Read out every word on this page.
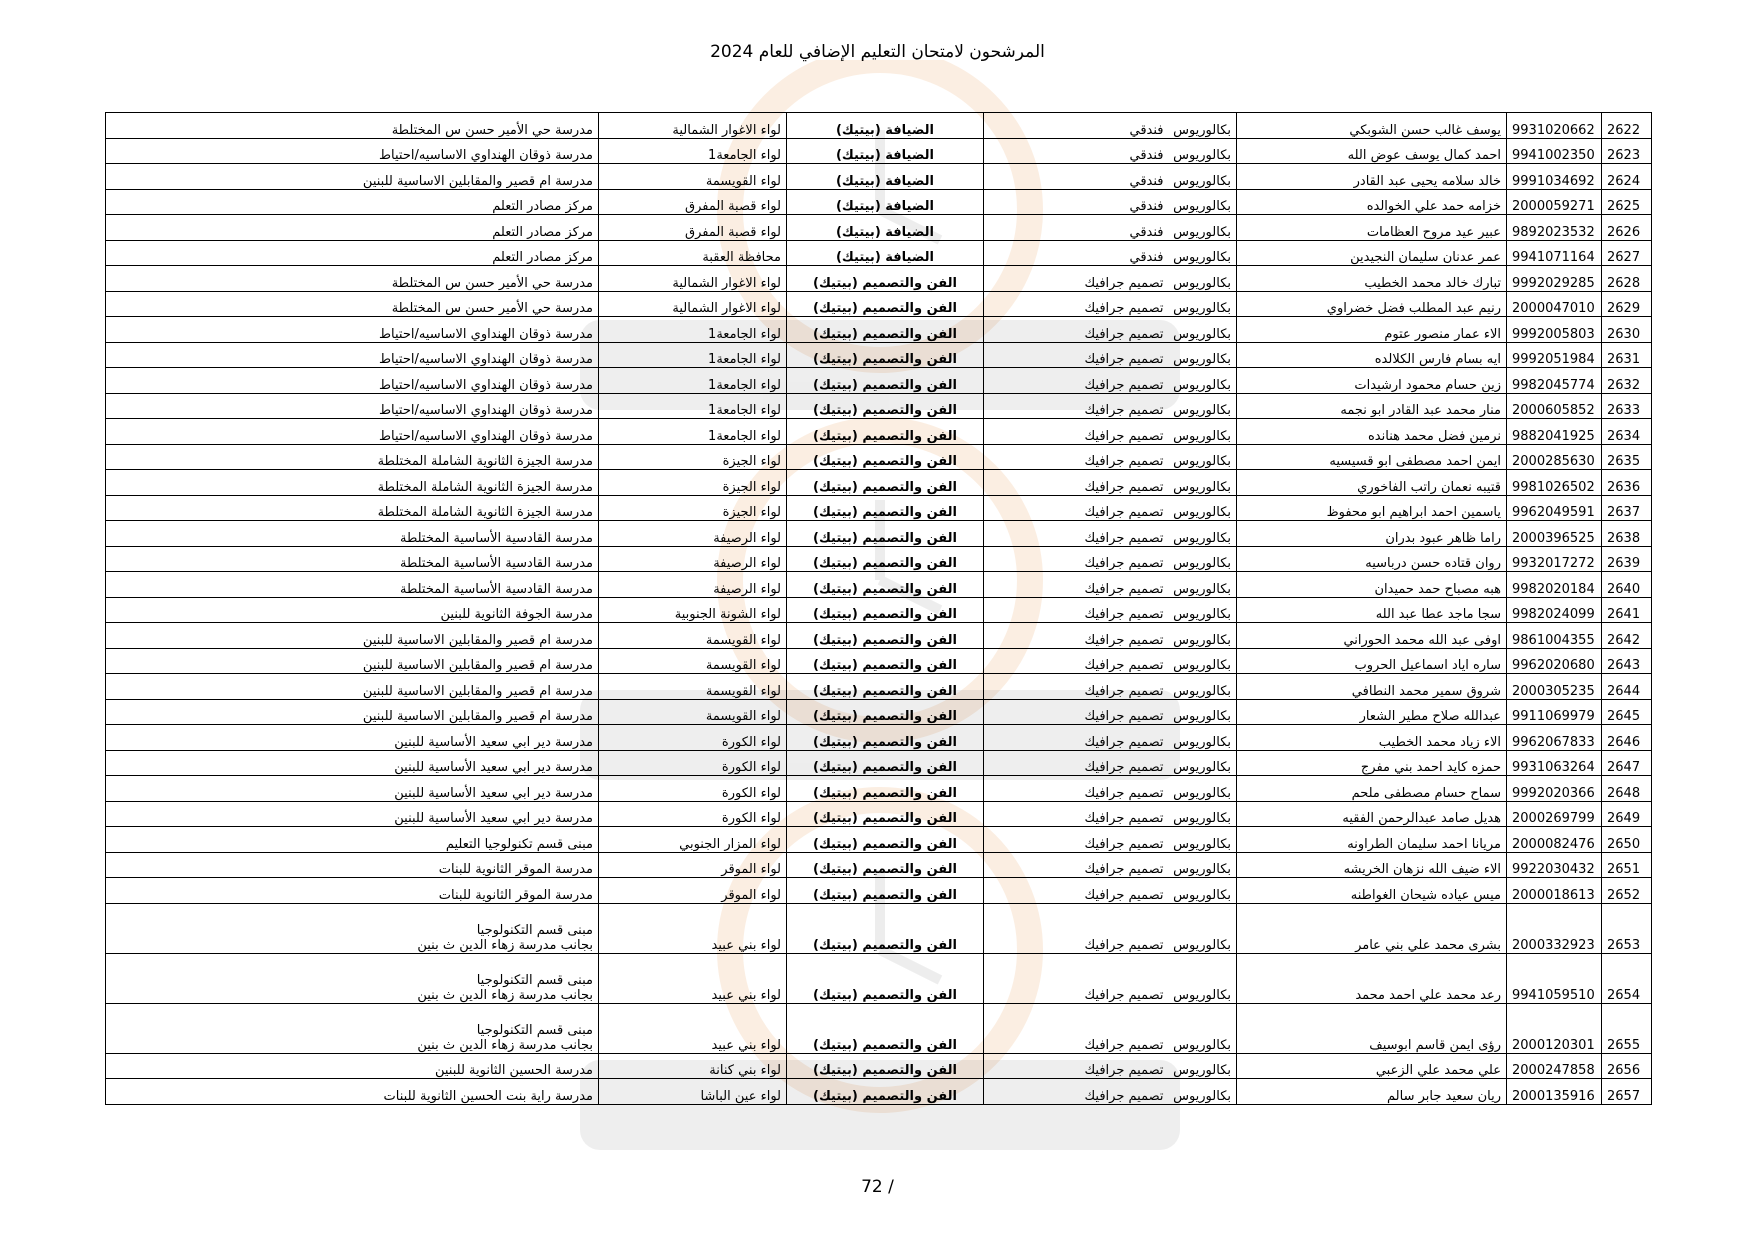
المرشحون لامتحان التعليم الإضافي للعام 2024
2622	9931020662	يوسف غالب حسن الشوبكي	بكالوريوس	فندقي	الضيافة (بيتيك)	لواء الاغوار الشمالية	مدرسة حي الأمير حسن س المختلطة
2623	9941002350	احمد كمال يوسف عوض الله	بكالوريوس	فندقي	الضيافة (بيتيك)	لواء الجامعة1	مدرسة ذوقان الهنداوي الاساسيه/احتياط
2624	9991034692	خالد سلامه يحيى عبد القادر	بكالوريوس	فندقي	الضيافة (بيتيك)	لواء القويسمة	مدرسة ام قصير والمقابلين الاساسية للبنين
2625	2000059271	خزامه حمد علي الخوالده	بكالوريوس	فندقي	الضيافة (بيتيك)	لواء قصبة المفرق	مركز مصادر التعلم
2626	9892023532	عبير عيد مروح العظامات	بكالوريوس	فندقي	الضيافة (بيتيك)	لواء قصبة المفرق	مركز مصادر التعلم
2627	9941071164	عمر عدنان سليمان النجيدين	بكالوريوس	فندقي	الضيافة (بيتيك)	محافظة العقبة	مركز مصادر التعلم
2628	9992029285	تبارك خالد محمد الخطيب	بكالوريوس	تصميم جرافيك	الفن والتصميم (بيتيك)	لواء الاغوار الشمالية	مدرسة حي الأمير حسن س المختلطة
2629	2000047010	رنيم عبد المطلب فضل خضراوي	بكالوريوس	تصميم جرافيك	الفن والتصميم (بيتيك)	لواء الاغوار الشمالية	مدرسة حي الأمير حسن س المختلطة
2630	9992005803	الاء عمار منصور عتوم	بكالوريوس	تصميم جرافيك	الفن والتصميم (بيتيك)	لواء الجامعة1	مدرسة ذوقان الهنداوي الاساسيه/احتياط
2631	9992051984	ايه بسام فارس الكلالده	بكالوريوس	تصميم جرافيك	الفن والتصميم (بيتيك)	لواء الجامعة1	مدرسة ذوقان الهنداوي الاساسيه/احتياط
2632	9982045774	زين حسام محمود ارشيدات	بكالوريوس	تصميم جرافيك	الفن والتصميم (بيتيك)	لواء الجامعة1	مدرسة ذوقان الهنداوي الاساسيه/احتياط
2633	2000605852	منار محمد عبد القادر ابو نجمه	بكالوريوس	تصميم جرافيك	الفن والتصميم (بيتيك)	لواء الجامعة1	مدرسة ذوقان الهنداوي الاساسيه/احتياط
2634	9882041925	نرمين فضل محمد هنانده	بكالوريوس	تصميم جرافيك	الفن والتصميم (بيتيك)	لواء الجامعة1	مدرسة ذوقان الهنداوي الاساسيه/احتياط
2635	2000285630	ايمن احمد مصطفى ابو قسيسيه	بكالوريوس	تصميم جرافيك	الفن والتصميم (بيتيك)	لواء الجيزة	مدرسة الجيزة الثانوية الشاملة المختلطة
2636	9981026502	قتيبه نعمان راتب الفاخوري	بكالوريوس	تصميم جرافيك	الفن والتصميم (بيتيك)	لواء الجيزة	مدرسة الجيزة الثانوية الشاملة المختلطة
2637	9962049591	ياسمين احمد ابراهيم ابو محفوظ	بكالوريوس	تصميم جرافيك	الفن والتصميم (بيتيك)	لواء الجيزة	مدرسة الجيزة الثانوية الشاملة المختلطة
2638	2000396525	راما ظاهر عبود بدران	بكالوريوس	تصميم جرافيك	الفن والتصميم (بيتيك)	لواء الرصيفة	مدرسة القادسية الأساسية المختلطة
2639	9932017272	روان قتاده حسن درباسيه	بكالوريوس	تصميم جرافيك	الفن والتصميم (بيتيك)	لواء الرصيفة	مدرسة القادسية الأساسية المختلطة
2640	9982020184	هبه مصباح حمد حميدان	بكالوريوس	تصميم جرافيك	الفن والتصميم (بيتيك)	لواء الرصيفة	مدرسة القادسية الأساسية المختلطة
2641	9982024099	سجا ماجد عطا عبد الله	بكالوريوس	تصميم جرافيك	الفن والتصميم (بيتيك)	لواء الشونة الجنوبية	مدرسة الجوفة الثانوية للبنين
2642	9861004355	اوفى عبد الله محمد الحوراني	بكالوريوس	تصميم جرافيك	الفن والتصميم (بيتيك)	لواء القويسمة	مدرسة ام قصير والمقابلين الاساسية للبنين
2643	9962020680	ساره اياد اسماعيل الحروب	بكالوريوس	تصميم جرافيك	الفن والتصميم (بيتيك)	لواء القويسمة	مدرسة ام قصير والمقابلين الاساسية للبنين
2644	2000305235	شروق سمير محمد النطافي	بكالوريوس	تصميم جرافيك	الفن والتصميم (بيتيك)	لواء القويسمة	مدرسة ام قصير والمقابلين الاساسية للبنين
2645	9911069979	عبدالله صلاح مطير الشعار	بكالوريوس	تصميم جرافيك	الفن والتصميم (بيتيك)	لواء القويسمة	مدرسة ام قصير والمقابلين الاساسية للبنين
2646	9962067833	الاء زياد محمد الخطيب	بكالوريوس	تصميم جرافيك	الفن والتصميم (بيتيك)	لواء الكورة	مدرسة دير ابي سعيد الأساسية للبنين
2647	9931063264	حمزه كايد احمد بني مفرج	بكالوريوس	تصميم جرافيك	الفن والتصميم (بيتيك)	لواء الكورة	مدرسة دير ابي سعيد الأساسية للبنين
2648	9992020366	سماح حسام مصطفى ملحم	بكالوريوس	تصميم جرافيك	الفن والتصميم (بيتيك)	لواء الكورة	مدرسة دير ابي سعيد الأساسية للبنين
2649	2000269799	هديل صامد عبدالرحمن الفقيه	بكالوريوس	تصميم جرافيك	الفن والتصميم (بيتيك)	لواء الكورة	مدرسة دير ابي سعيد الأساسية للبنين
2650	2000082476	مريانا احمد سليمان الطراونه	بكالوريوس	تصميم جرافيك	الفن والتصميم (بيتيك)	لواء المزار الجنوبي	مبنى قسم تكنولوجيا التعليم
2651	9922030432	الاء ضيف الله نزهان الخريشه	بكالوريوس	تصميم جرافيك	الفن والتصميم (بيتيك)	لواء الموقر	مدرسة الموقر الثانوية للبنات
2652	2000018613	ميس عياده شيحان الغواطنه	بكالوريوس	تصميم جرافيك	الفن والتصميم (بيتيك)	لواء الموقر	مدرسة الموقر الثانوية للبنات
2653	2000332923	بشرى محمد علي بني عامر	بكالوريوس	تصميم جرافيك	الفن والتصميم (بيتيك)	لواء بني عبيد	مبنى قسم التكنولوجيا
بجانب مدرسة زهاء الدين ث بنين
2654	9941059510	رعد محمد علي احمد محمد	بكالوريوس	تصميم جرافيك	الفن والتصميم (بيتيك)	لواء بني عبيد	مبنى قسم التكنولوجيا
بجانب مدرسة زهاء الدين ث بنين
2655	2000120301	رؤى ايمن قاسم ابوسيف	بكالوريوس	تصميم جرافيك	الفن والتصميم (بيتيك)	لواء بني عبيد	مبنى قسم التكنولوجيا
بجانب مدرسة زهاء الدين ث بنين
2656	2000247858	علي محمد علي الزعبي	بكالوريوس	تصميم جرافيك	الفن والتصميم (بيتيك)	لواء بني كنانة	مدرسة الحسين الثانوية للبنين
2657	2000135916	ريان سعيد جابر سالم	بكالوريوس	تصميم جرافيك	الفن والتصميم (بيتيك)	لواء عين الباشا	مدرسة راية بنت الحسين الثانوية للبنات
72 /
